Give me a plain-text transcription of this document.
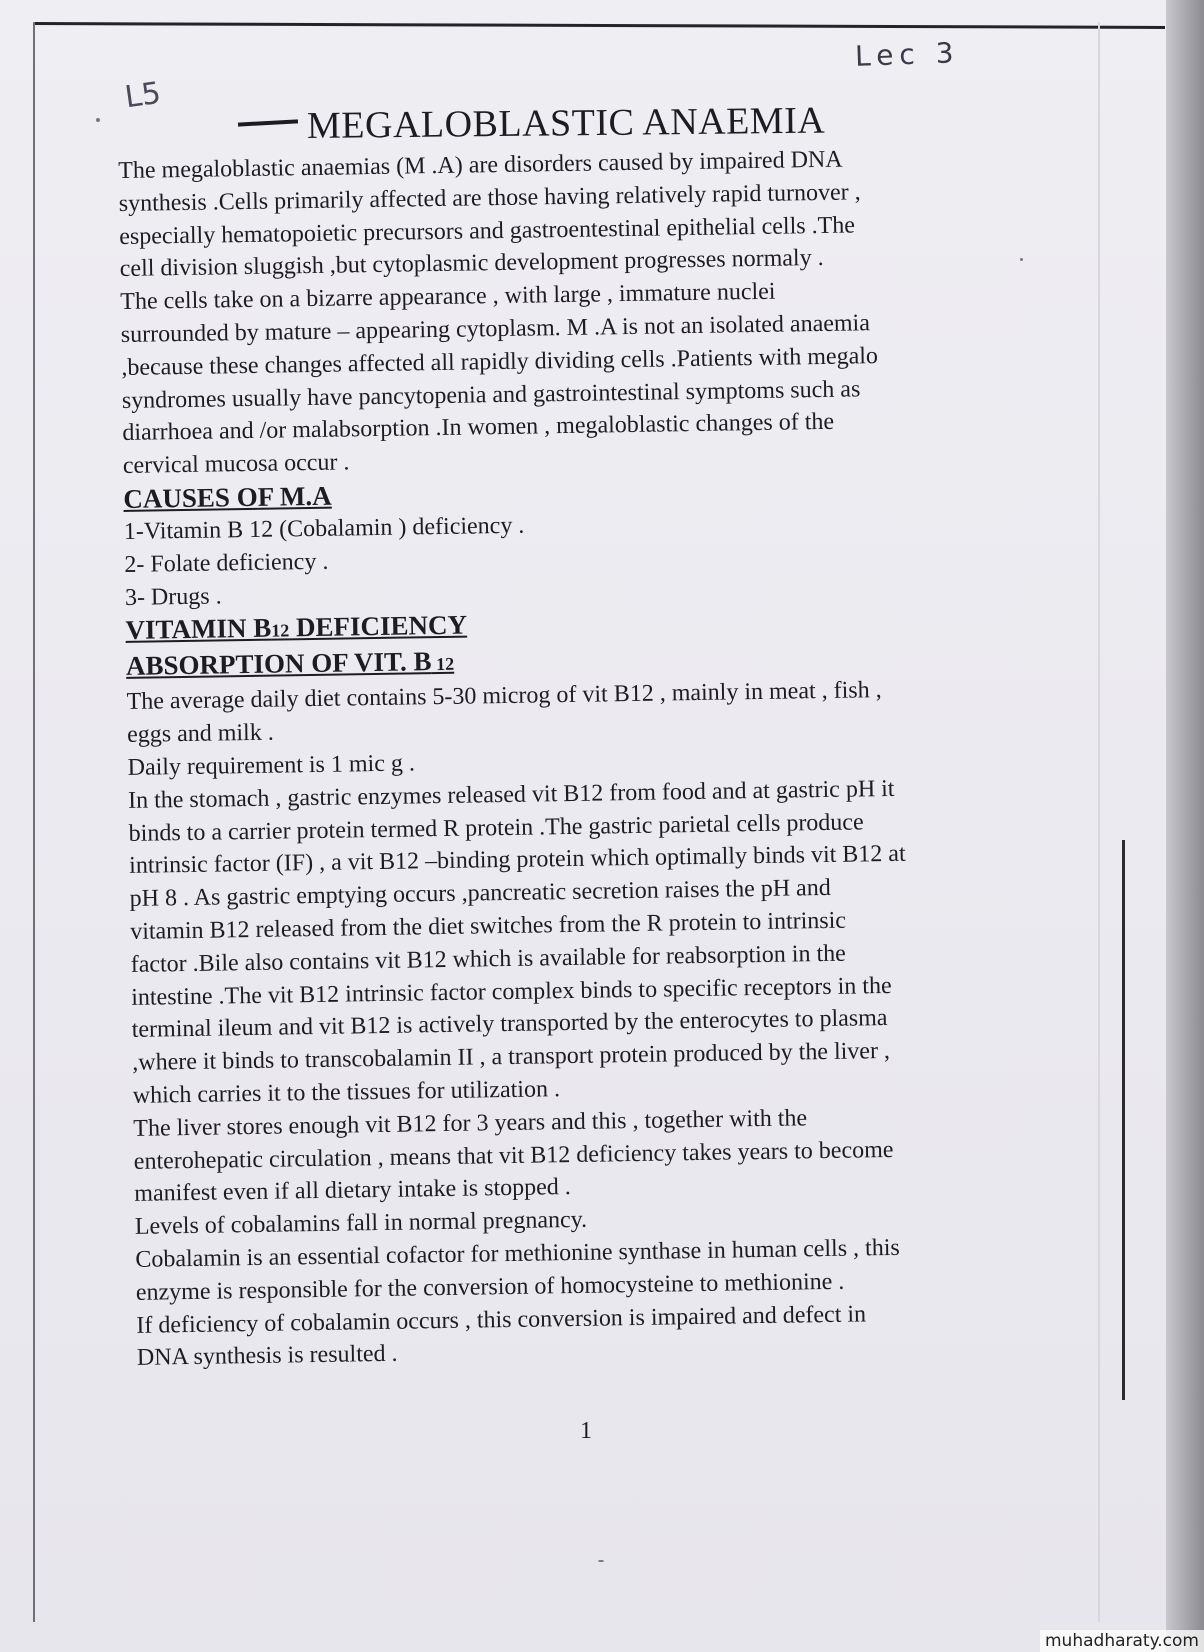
Lec 3
L5
MEGALOBLASTIC ANAEMIA
The megaloblastic anaemias (M .A) are disorders caused by impaired DNA
synthesis .Cells primarily affected are those having relatively rapid turnover ,
especially hematopoietic precursors and gastroentestinal epithelial cells .The
cell division sluggish ,but cytoplasmic development progresses normaly .
The cells take on a bizarre appearance , with large , immature nuclei
surrounded by mature – appearing cytoplasm. M .A is not an isolated anaemia
,because these changes affected all rapidly dividing cells .Patients with megalo
syndromes usually have pancytopenia and gastrointestinal symptoms such as
diarrhoea and /or malabsorption .In women , megaloblastic changes of the
cervical mucosa occur .
CAUSES OF M.A
1-Vitamin B 12 (Cobalamin ) deficiency .
2- Folate deficiency .
3- Drugs .
VITAMIN B12 DEFICIENCY
ABSORPTION OF VIT. B 12
The average daily diet contains 5-30 microg of vit B12 , mainly in meat , fish ,
eggs and milk .
Daily requirement is 1 mic g .
In the stomach , gastric enzymes released vit B12 from food and at gastric pH it
binds to a carrier protein termed R protein .The gastric parietal cells produce
intrinsic factor (IF) , a vit B12 –binding protein which optimally binds vit B12 at
pH 8 . As gastric emptying occurs ,pancreatic secretion raises the pH and
vitamin B12 released from the diet switches from the R protein to intrinsic
factor .Bile also contains vit B12 which is available for reabsorption in the
intestine .The vit B12 intrinsic factor complex binds to specific receptors in the
terminal ileum and vit B12 is actively transported by the enterocytes to plasma
,where it binds to transcobalamin II , a transport protein produced by the liver ,
which carries it to the tissues for utilization .
The liver stores enough vit B12 for 3 years and this , together with the
enterohepatic circulation , means that vit B12 deficiency takes years to become
manifest even if all dietary intake is stopped .
Levels of cobalamins fall in normal pregnancy.
Cobalamin is an essential cofactor for methionine synthase in human cells , this
enzyme is responsible for the conversion of homocysteine to methionine .
If deficiency of cobalamin occurs , this conversion is impaired and defect in
DNA synthesis is resulted .
1
muhadharaty.com
